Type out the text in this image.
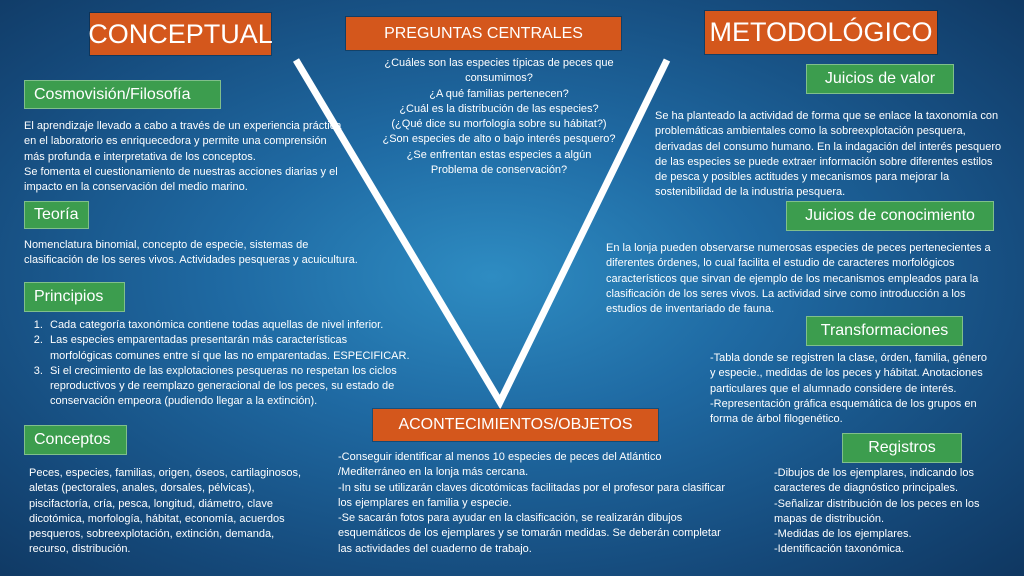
CONCEPTUAL	METODOLÓGICO
PREGUNTAS CENTRALES
ACONTECIMIENTOS/OBJETOS
¿Cuáles son las especies típicas de peces que
consumimos?
¿A qué familias pertenecen?
¿Cuál es la distribución de las especies?
(¿Qué dice su morfología sobre su hábitat?)
¿Son especies de alto o bajo interés pesquero?
¿Se enfrentan estas especies a algún
Problema de conservación?
Cosmovisión/Filosofía
El aprendizaje llevado a cabo a través de un experiencia práctica
en el laboratorio es enriquecedora y permite una comprensión
más profunda e interpretativa de los conceptos.
Se fomenta el cuestionamiento de nuestras acciones diarias y el
impacto en la conservación del medio marino.
Teoría
Nomenclatura binomial, concepto de especie, sistemas de
clasificación de los seres vivos. Actividades pesqueras y acuicultura.
Principios
1. Cada categoría taxonómica contiene todas aquellas de nivel inferior.
2. Las especies emparentadas presentarán más características
morfológicas comunes entre sí que las no emparentadas. ESPECIFICAR.
3. Si el crecimiento de las explotaciones pesqueras no respetan los ciclos
reproductivos y de reemplazo generacional de los peces, su estado de
conservación empeora (pudiendo llegar a la extinción).
Conceptos
Peces, especies, familias, origen, óseos, cartilaginosos,
aletas (pectorales, anales, dorsales, pélvicas),
piscifactoría, cría, pesca, longitud, diámetro, clave
dicotómica, morfología, hábitat, economía, acuerdos
pesqueros, sobreexplotación, extinción, demanda,
recurso, distribución.
Juicios de valor
Se ha planteado la actividad de forma que se enlace la taxonomía con
problemáticas ambientales como la sobreexplotación pesquera,
derivadas del consumo humano. En la indagación del interés pesquero
de las especies se puede extraer información sobre diferentes estilos
de pesca y posibles actitudes y mecanismos para mejorar la
sostenibilidad de la industria pesquera.
Juicios de conocimiento
En la lonja pueden observarse numerosas especies de peces pertenecientes a
diferentes órdenes, lo cual facilita el estudio de caracteres morfológicos
característicos que sirvan de ejemplo de los mecanismos empleados para la
clasificación de los seres vivos. La actividad sirve como introducción a los
estudios de inventariado de fauna.
Transformaciones
-Tabla donde se registren la clase, órden, familia, género
y especie., medidas de los peces y hábitat. Anotaciones
particulares que el alumnado considere de interés.
-Representación gráfica esquemática de los grupos en
forma de árbol filogenético.
Registros
-Dibujos de los ejemplares, indicando los
caracteres de diagnóstico principales.
-Señalizar distribución de los peces en los
mapas de distribución.
-Medidas de los ejemplares.
-Identificación taxonómica.
-Conseguir identificar al menos 10 especies de peces del Atlántico
/Mediterráneo en la lonja más cercana.
-In situ se utilizarán claves dicotómicas facilitadas por el profesor para clasificar
los ejemplares en familia y especie.
-Se sacarán fotos para ayudar en la clasificación, se realizarán dibujos
esquemáticos de los ejemplares y se tomarán medidas. Se deberán completar
las actividades del cuaderno de trabajo.
